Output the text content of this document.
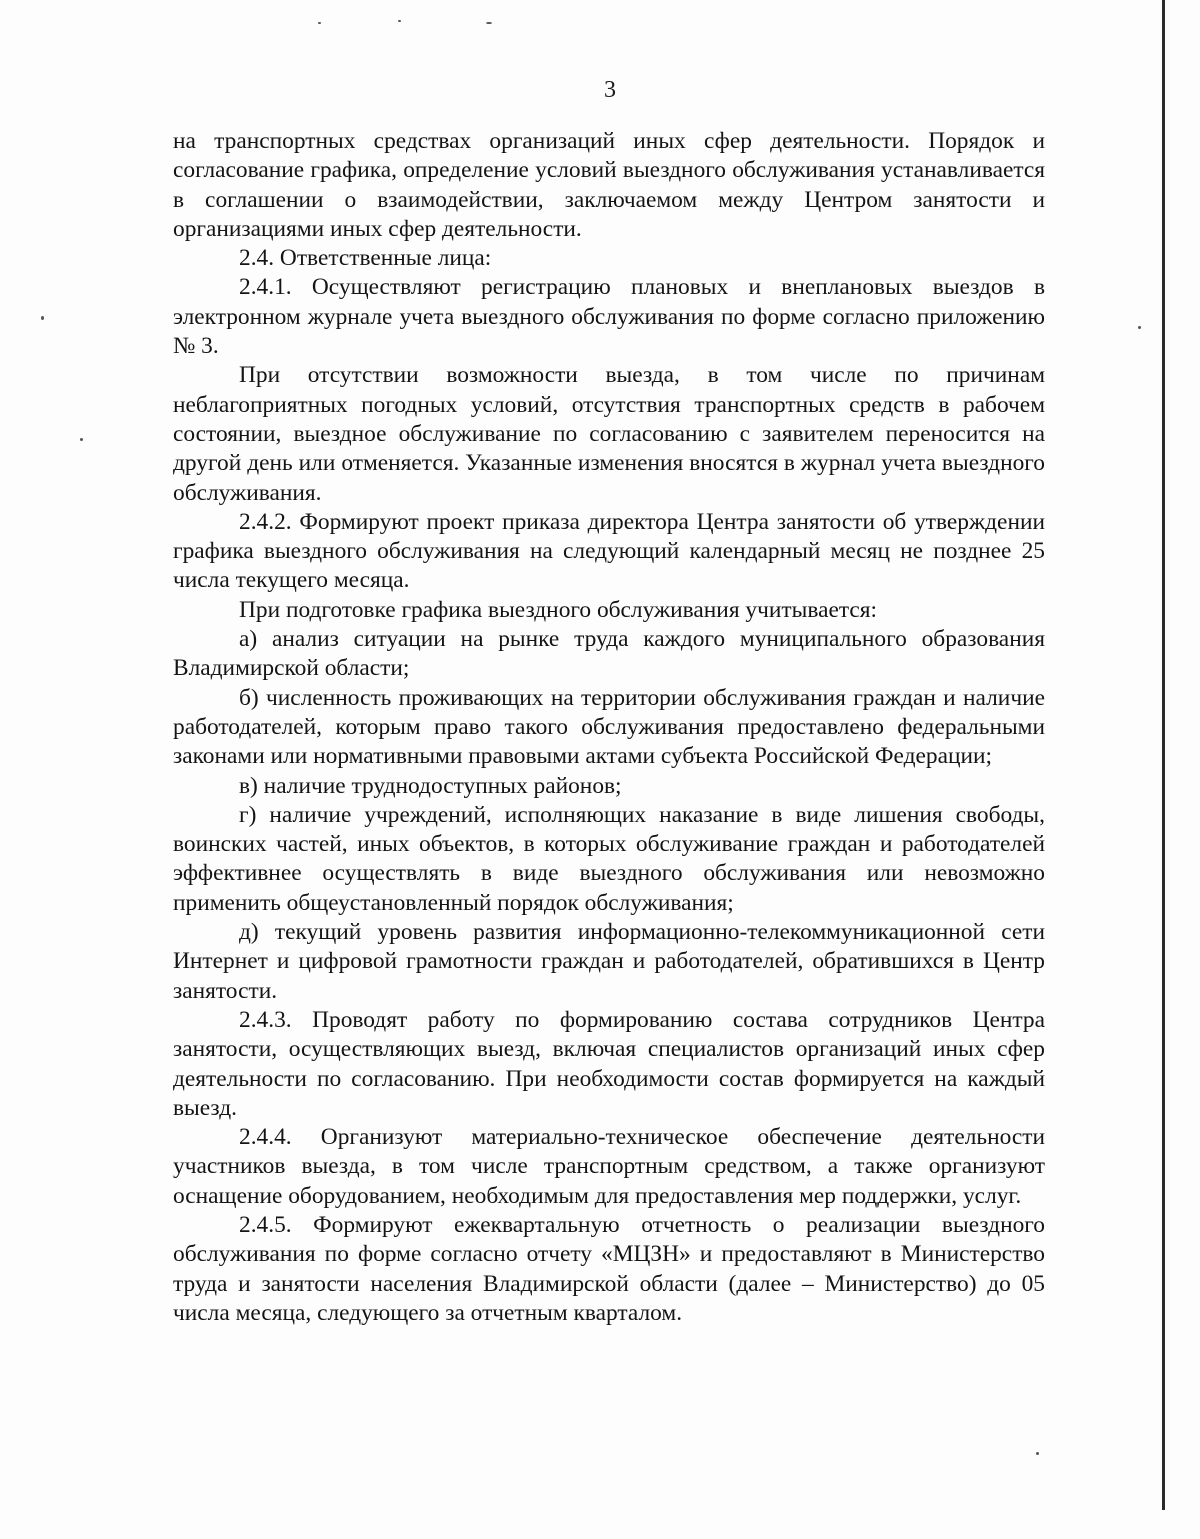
3

на транспортных средствах организаций иных сфер деятельности. Порядок и согласование графика, определение условий выездного обслуживания устанавливается в соглашении о взаимодействии, заключаемом между Центром занятости и организациями иных сфер деятельности.

2.4. Ответственные лица:

2.4.1. Осуществляют регистрацию плановых и внеплановых выездов в электронном журнале учета выездного обслуживания по форме согласно приложению № 3.

При отсутствии возможности выезда, в том числе по причинам неблагоприятных погодных условий, отсутствия транспортных средств в рабочем состоянии, выездное обслуживание по согласованию с заявителем переносится на другой день или отменяется. Указанные изменения вносятся в журнал учета выездного обслуживания.

2.4.2. Формируют проект приказа директора Центра занятости об утверждении графика выездного обслуживания на следующий календарный месяц не позднее 25 числа текущего месяца.

При подготовке графика выездного обслуживания учитывается:

а) анализ ситуации на рынке труда каждого муниципального образования Владимирской области;

б) численность проживающих на территории обслуживания граждан и наличие работодателей, которым право такого обслуживания предоставлено федеральными законами или нормативными правовыми актами субъекта Российской Федерации;

в) наличие труднодоступных районов;

г) наличие учреждений, исполняющих наказание в виде лишения свободы, воинских частей, иных объектов, в которых обслуживание граждан и работодателей эффективнее осуществлять в виде выездного обслуживания или невозможно применить общеустановленный порядок обслуживания;

д) текущий уровень развития информационно-телекоммуникационной сети Интернет и цифровой грамотности граждан и работодателей, обратившихся в Центр занятости.

2.4.3. Проводят работу по формированию состава сотрудников Центра занятости, осуществляющих выезд, включая специалистов организаций иных сфер деятельности по согласованию. При необходимости состав формируется на каждый выезд.

2.4.4. Организуют материально-техническое обеспечение деятельности участников выезда, в том числе транспортным средством, а также организуют оснащение оборудованием, необходимым для предоставления мер поддержки, услуг.

2.4.5. Формируют ежеквартальную отчетность о реализации выездного обслуживания по форме согласно отчету «МЦЗН» и предоставляют в Министерство труда и занятости населения Владимирской области (далее – Министерство) до 05 числа месяца, следующего за отчетным кварталом.
